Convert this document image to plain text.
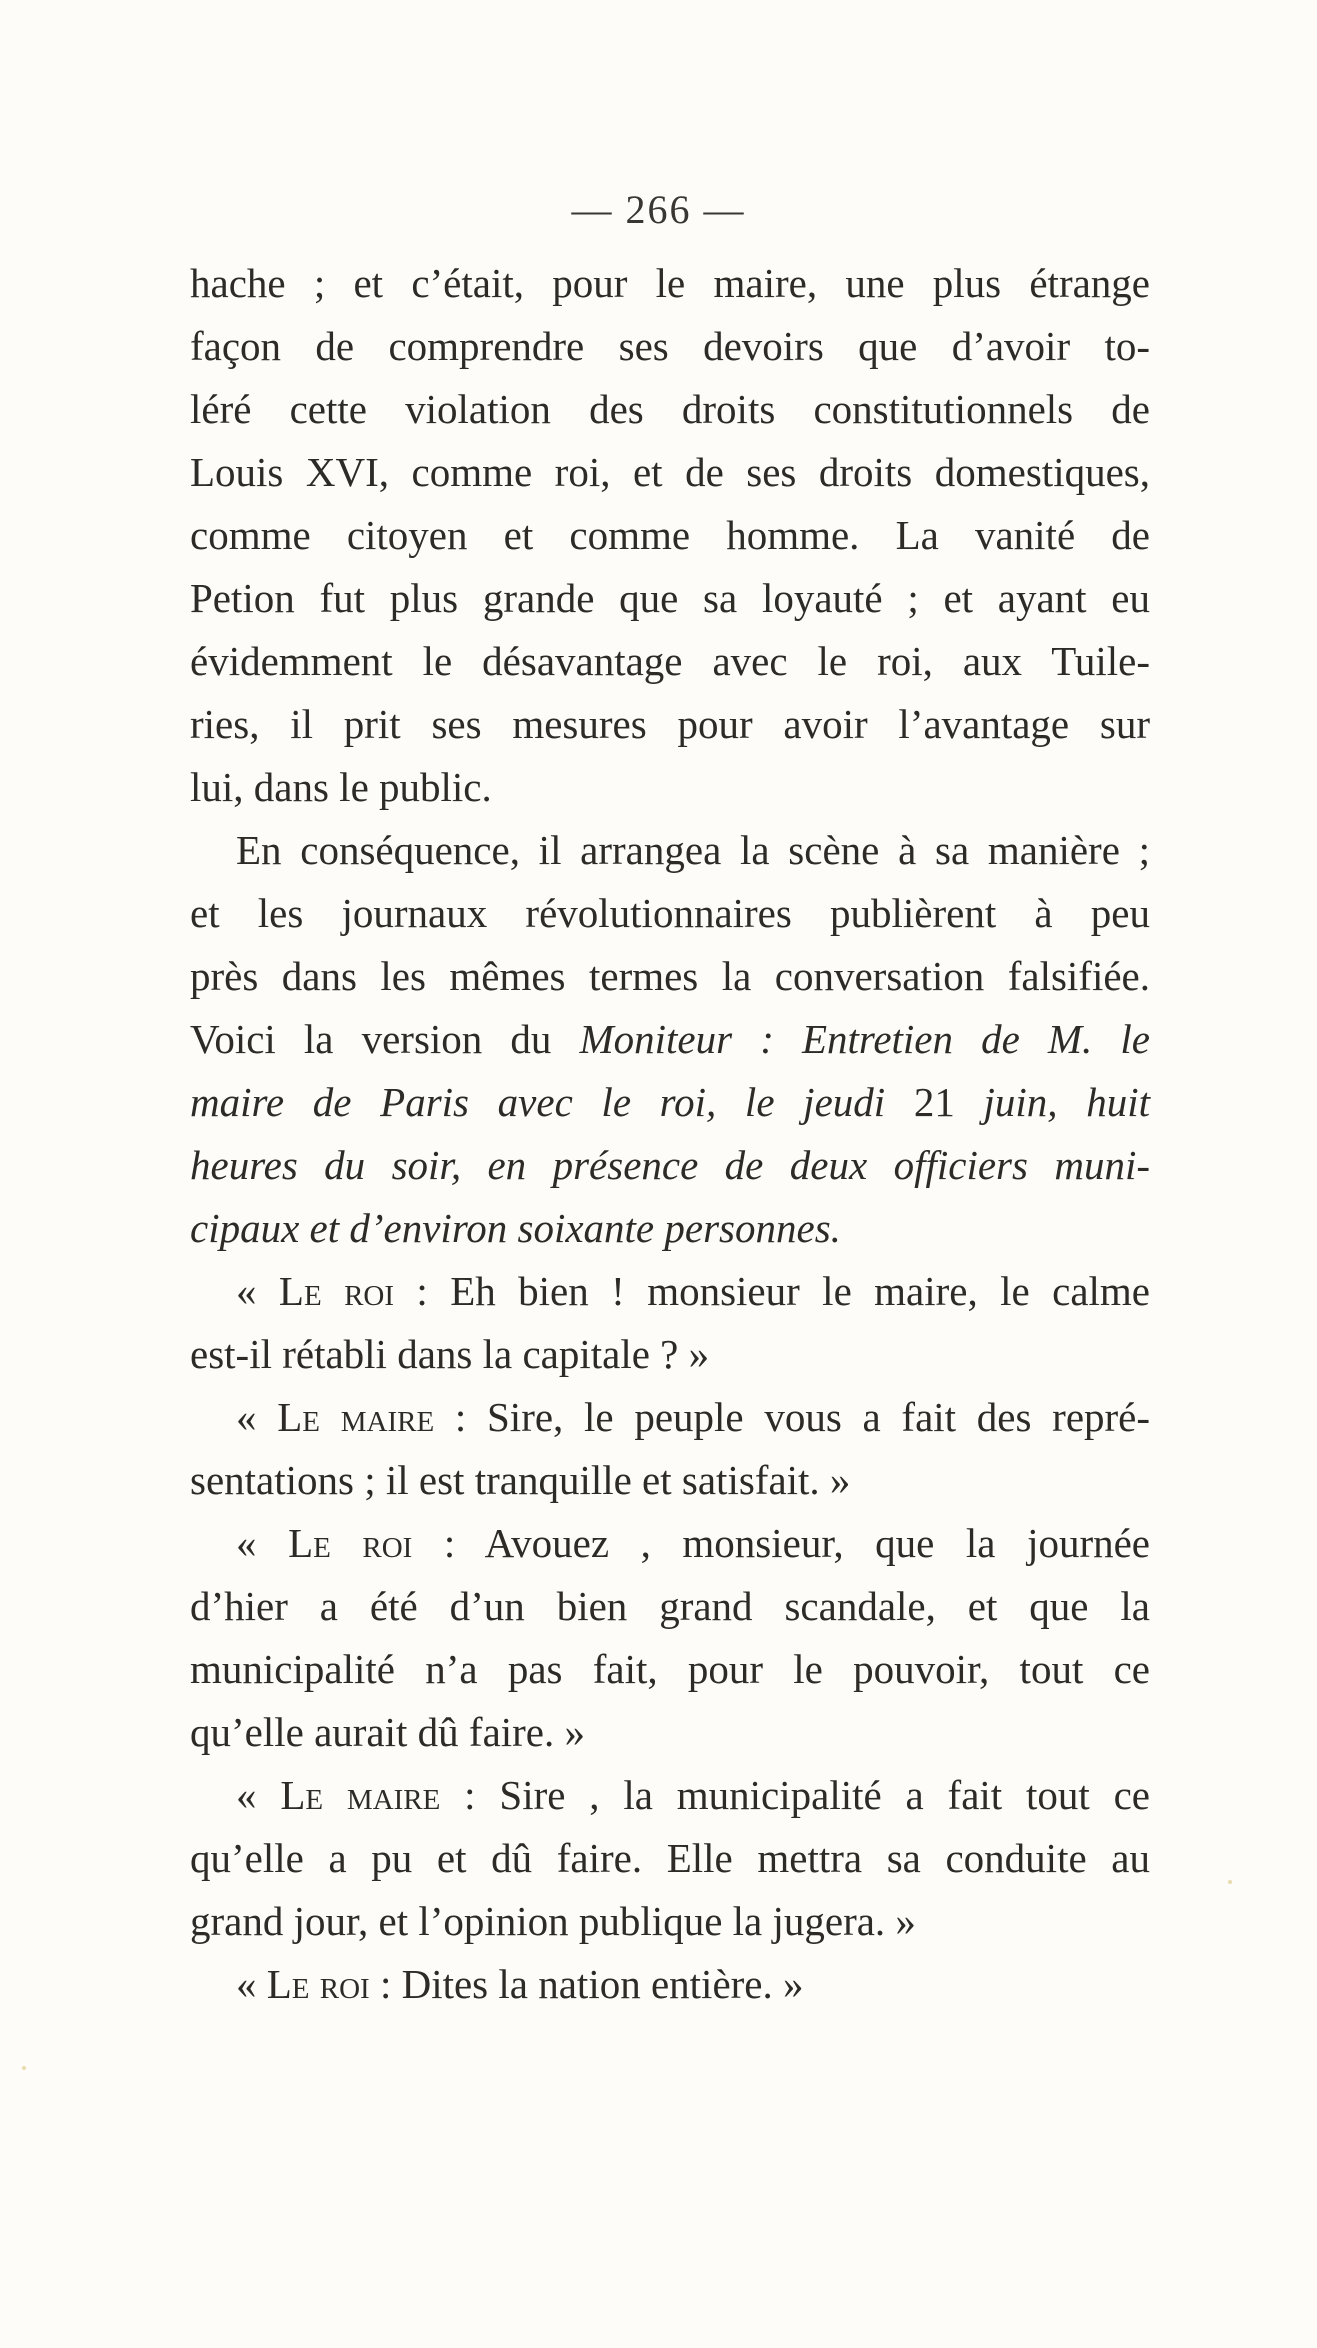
— 266 —
hache ; et c’était, pour le maire, une plus étrange
façon de comprendre ses devoirs que d’avoir to-
léré cette violation des droits constitutionnels de
Louis XVI, comme roi, et de ses droits domestiques,
comme citoyen et comme homme. La vanité de
Petion fut plus grande que sa loyauté ; et ayant eu
évidemment le désavantage avec le roi, aux Tuile-
ries, il prit ses mesures pour avoir l’avantage sur
lui, dans le public.
En conséquence, il arrangea la scène à sa manière ;
et les journaux révolutionnaires publièrent à peu
près dans les mêmes termes la conversation falsifiée.
Voici la version du Moniteur : Entretien de M. le
maire de Paris avec le roi, le jeudi 21 juin, huit
heures du soir, en présence de deux officiers muni-
cipaux et d’environ soixante personnes.
« Le roi : Eh bien ! monsieur le maire, le calme
est-il rétabli dans la capitale ? »
« Le maire : Sire, le peuple vous a fait des repré-
sentations ; il est tranquille et satisfait. »
« Le roi : Avouez , monsieur, que la journée
d’hier a été d’un bien grand scandale, et que la
municipalité n’a pas fait, pour le pouvoir, tout ce
qu’elle aurait dû faire. »
« Le maire : Sire , la municipalité a fait tout ce
qu’elle a pu et dû faire. Elle mettra sa conduite au
grand jour, et l’opinion publique la jugera. »
« Le roi : Dites la nation entière. »
